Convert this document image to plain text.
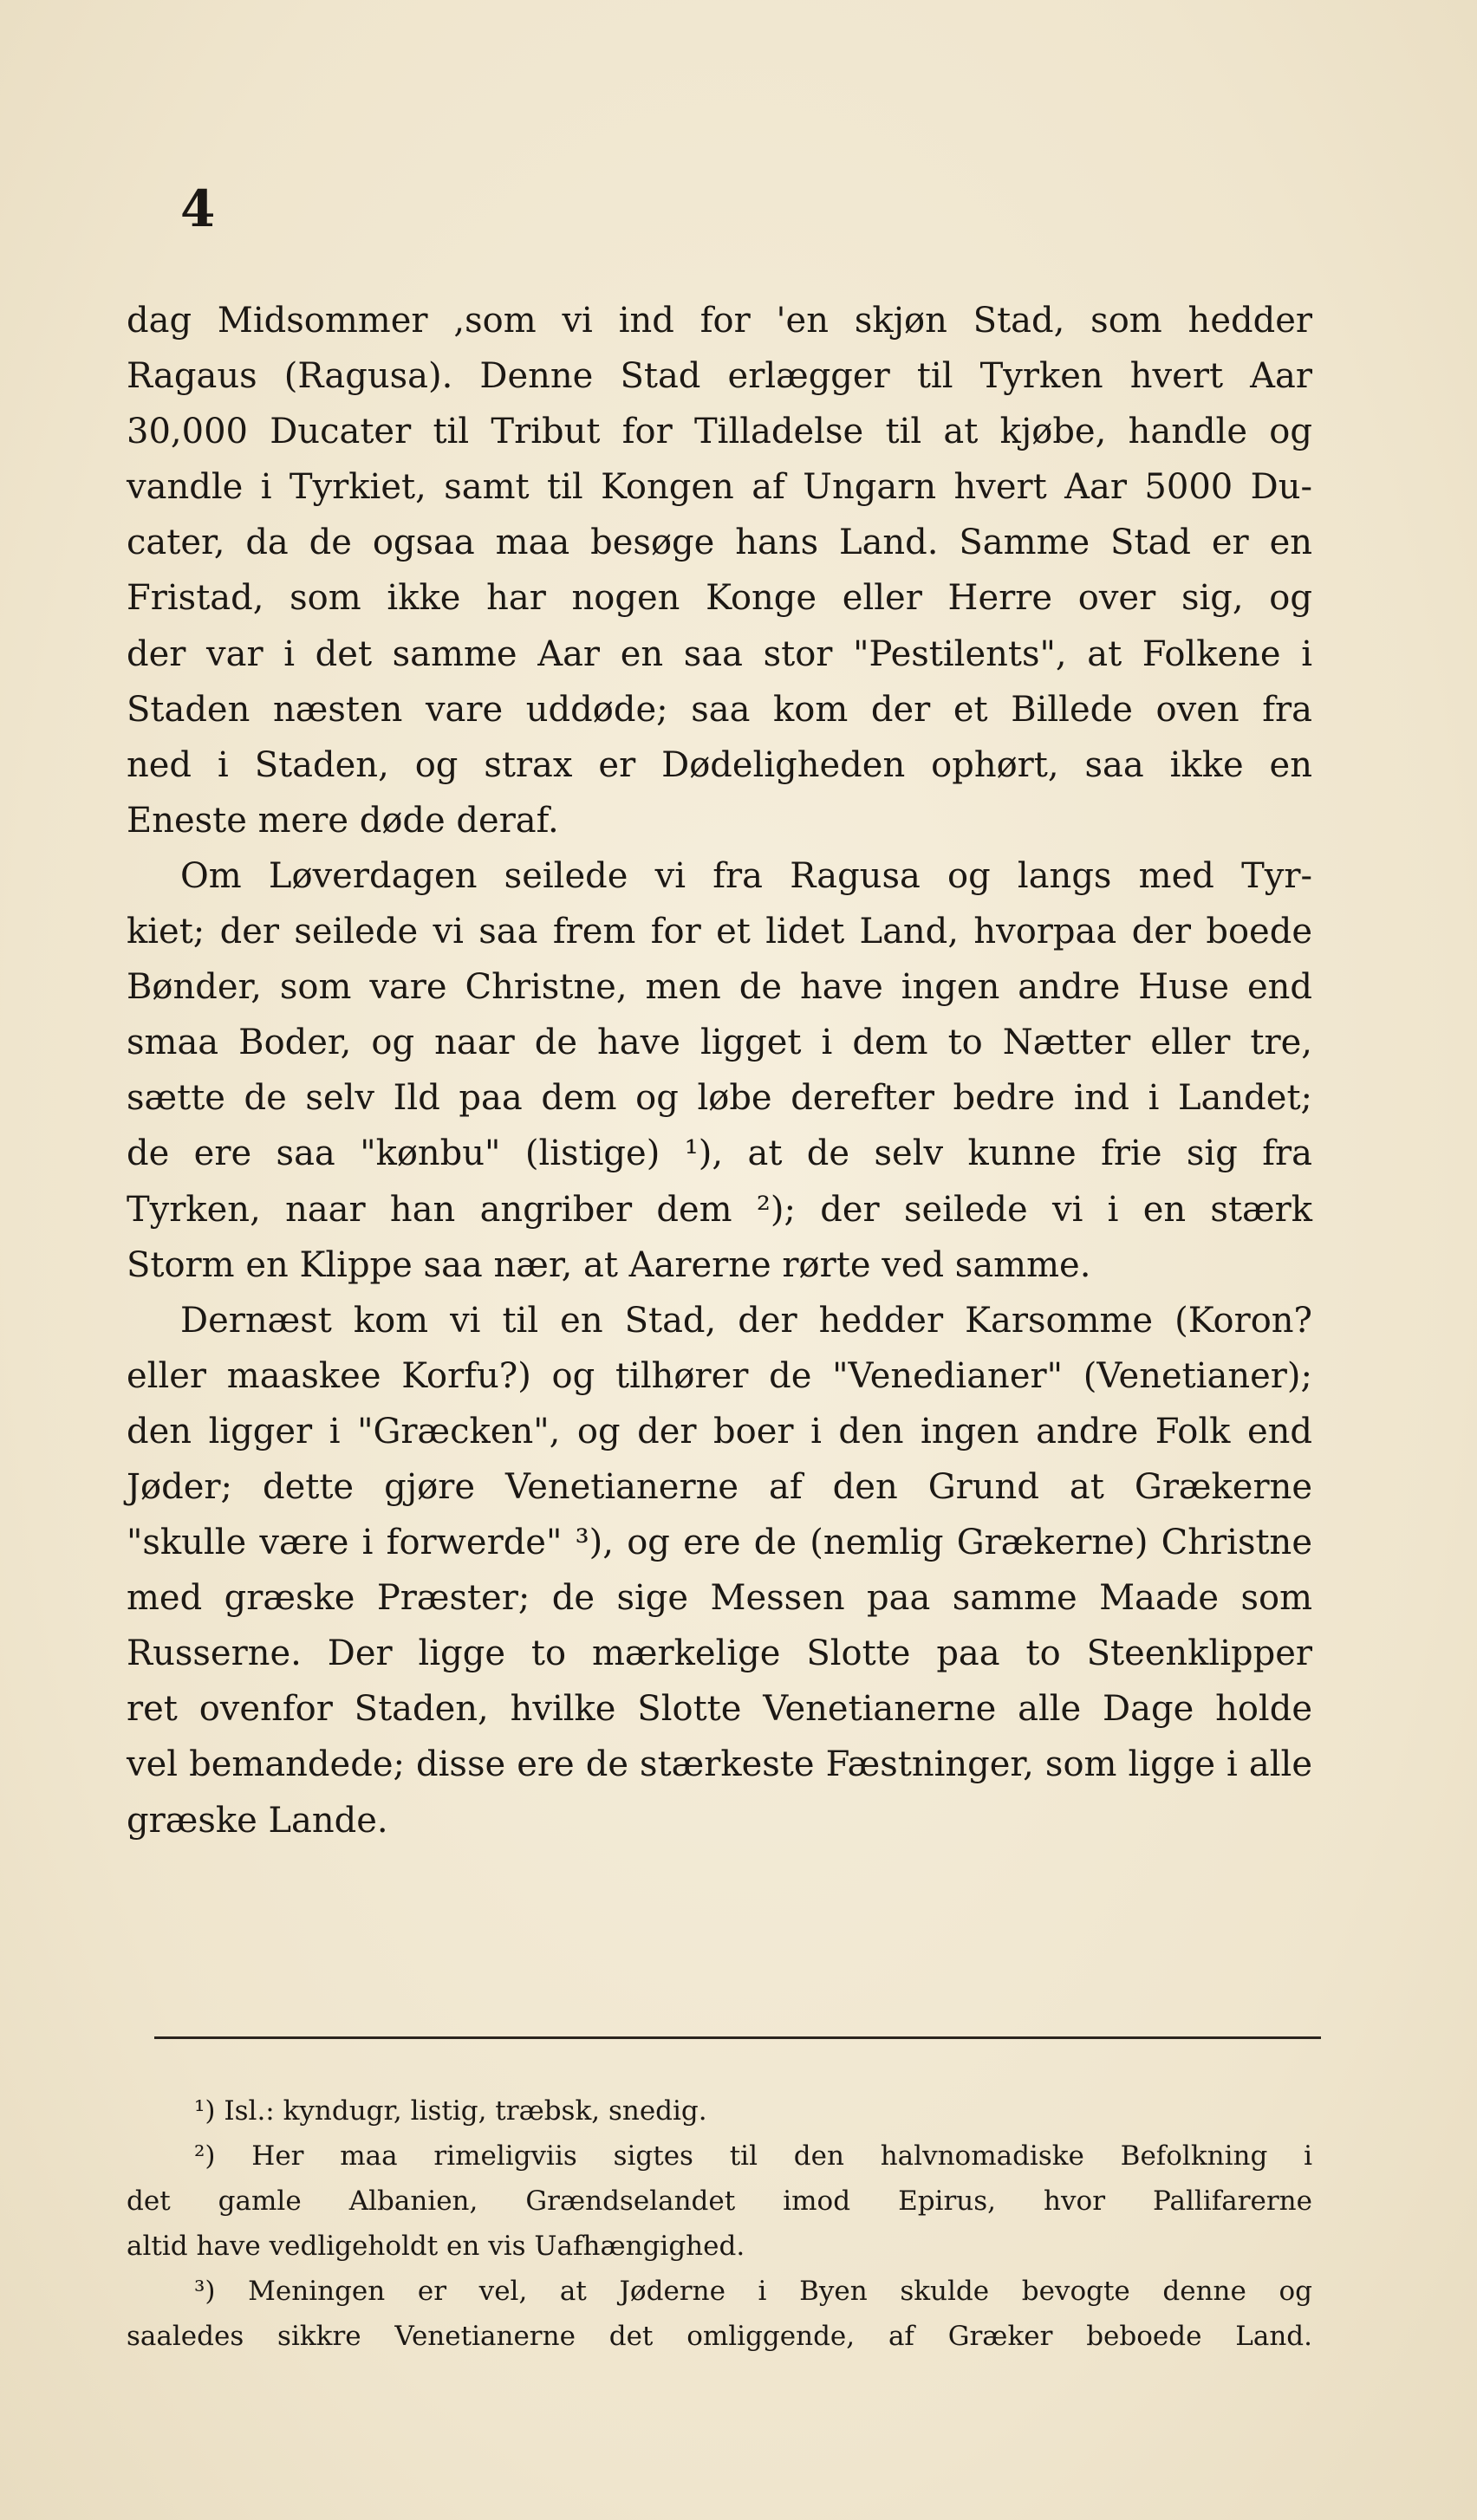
4
dag Midsommer ,som vi ind for 'en skjøn Stad, som hedder
Ragaus (Ragusa). Denne Stad erlægger til Tyrken hvert Aar
30,000 Ducater til Tribut for Tilladelse til at kjøbe, handle og
vandle i Tyrkiet, samt til Kongen af Ungarn hvert Aar 5000 Du-
cater, da de ogsaa maa besøge hans Land. Samme Stad er en
Fristad, som ikke har nogen Konge eller Herre over sig, og
der var i det samme Aar en saa stor "Pestilents", at Folkene i
Staden næsten vare uddøde; saa kom der et Billede oven fra
ned i Staden, og strax er Dødeligheden ophørt, saa ikke en
Eneste mere døde deraf.
Om Løverdagen seilede vi fra Ragusa og langs med Tyr-
kiet; der seilede vi saa frem for et lidet Land, hvorpaa der boede
Bønder, som vare Christne, men de have ingen andre Huse end
smaa Boder, og naar de have ligget i dem to Nætter eller tre,
sætte de selv Ild paa dem og løbe derefter bedre ind i Landet;
de ere saa "kønbu" (listige) ¹), at de selv kunne frie sig fra
Tyrken, naar han angriber dem ²); der seilede vi i en stærk
Storm en Klippe saa nær, at Aarerne rørte ved samme.
Dernæst kom vi til en Stad, der hedder Karsomme (Koron?
eller maaskee Korfu?) og tilhører de "Venedianer" (Venetianer);
den ligger i "Græcken", og der boer i den ingen andre Folk end
Jøder; dette gjøre Venetianerne af den Grund at Grækerne
"skulle være i forwerde" ³), og ere de (nemlig Grækerne) Christne
med græske Præster; de sige Messen paa samme Maade som
Russerne. Der ligge to mærkelige Slotte paa to Steenklipper
ret ovenfor Staden, hvilke Slotte Venetianerne alle Dage holde
vel bemandede; disse ere de stærkeste Fæstninger, som ligge i alle
græske Lande.
¹) Isl.: kyndugr, listig, træbsk, snedig.
²) Her maa rimeligviis sigtes til den halvnomadiske Befolkning i
det gamle Albanien, Grændselandet imod Epirus, hvor Pallifarerne
altid have vedligeholdt en vis Uafhængighed.
³) Meningen er vel, at Jøderne i Byen skulde bevogte denne og
saaledes sikkre Venetianerne det omliggende, af Græker beboede Land.
